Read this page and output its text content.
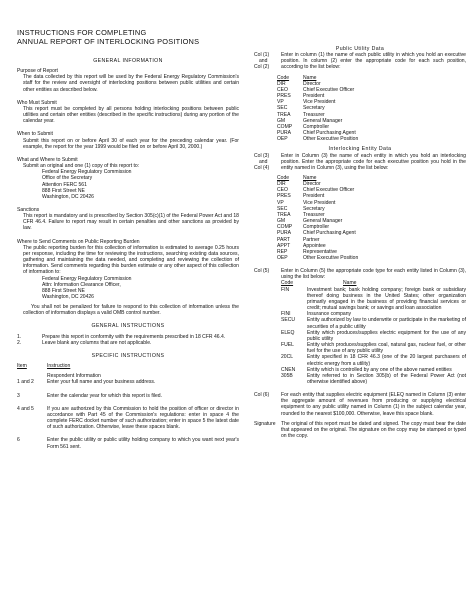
INSTRUCTIONS FOR COMPLETING
ANNUAL REPORT OF INTERLOCKING POSITIONS
GENERAL INFORMATION
Purpose of Report
The data collected by this report will be used by the Federal Energy Regulatory Commission's staff for the review and oversight of interlocking positions between public utilities and certain other entities as described below.
Who Must Submit
This report must be completed by all persons holding interlocking positions between public utilities and certain other entities (described in the specific instructions) during any portion of the calendar year.
When to Submit
Submit this report on or before April 30 of each year for the preceding calendar year. (For example, the report for the year 1999 would be filed on or before April 30, 2000.)
What and Where to Submit
Submit an original and one (1) copy of this report to:
Federal Energy Regulatory Commission
Office of the Secretary
Attention FERC 561
888 First Street NE
Washington, DC 20426
Sanctions
This report is mandatory and is prescribed by Section 305(c)(1) of the Federal Power Act and 18 CFR 46.4. Failure to report may result in certain penalties and other sanctions as provided by law.
Where to Send Comments on Public Reporting Burden
The public reporting burden for this collection of information is estimated to average 0.25 hours per response, including the time for reviewing the instructions, searching existing data sources, gathering and maintaining the data needed, and completing and reviewing the collection of information. Send comments regarding this burden estimate or any other aspect of this collection of information to:
Federal Energy Regulatory Commission
Attn: Information Clearance Officer,
888 First Street NE
Washington, DC 20426
You shall not be penalized for failure to respond to this collection of information unless the collection of information displays a valid OMB control number.
GENERAL INSTRUCTIONS
1.	Prepare this report in conformity with the requirements prescribed in 18 CFR 46.4.
2.	Leave blank any columns that are not applicable.
SPECIFIC INSTRUCTIONS
Item	Instruction
Respondent Information
1 and 2	Enter your full name and your business address.
3	Enter the calendar year for which this report is filed.
4 and 5	If you are authorized by this Commission to hold the position of officer or director in accordance with Part 45 of the Commission's regulations: enter in space 4 the complete FERC docket number of such authorization; enter in space 5 the latest date of such authorization. Otherwise, leave these spaces blank.
6	Enter the public utility or public utility holding company to which you want next year's Form 561 sent.
Public Utility Data
Col (1)
and
Col (2)
Enter in column (1) the name of each public utility in which you hold an executive position. In column (2) enter the appropriate code for each such position, according to the list below:
Code	Name
DIR	Director
CEO	Chief Executive Officer
PRES	President
VP	Vice President
SEC	Secretary
TREA	Treasurer
GM	General Manager
COMP	Comptroller
PURA	Chief Purchasing Agent
OEP	Other Executive Position
Interlocking Entity Data
Col (3)
and
Col (4)
Enter in Column (3) the name of each entity in which you hold an interlocking position. Enter the appropriate code for each executive position you hold in the entity named in Column (3), using the list below:
Code	Name
DIR	Director
CEO	Chief Executive Officer
PRES	President
VP	Vice President
SEC	Secretary
TREA	Treasurer
GM	General Manager
COMP	Comptroller
PURA	Chief Purchasing Agent
PART	Partner
APPT	Appointee
REP	Representative
OEP	Other Executive Position
Col (5)	Enter in Column (5) the appropriate code type for each entity listed in Column (3), using the list below:
Code	Name
FIN	Investment bank; bank holding company; foreign bank or subsidiary thereof doing business in the United States; other organization primarily engaged in the business of providing financial services or credit; mutual savings bank; or savings and loan association
FINI	Insurance company
SECU	Entity authorized by law to underwrite or participate in the marketing of securities of a public utility
ELEQ	Entity which produces/supplies electric equipment for the use of any public utility
FUEL	Entity which produces/supplies coal, natural gas, nuclear fuel, or other fuel for the use of any public utility
20CL	Entity specified in 18 CFR 46.3 (one of the 20 largest purchasers of electric energy from a utility)
CNEN	Entity which is controlled by any one of the above named entities
305B	Entity referred to in Section 305(b) of the Federal Power Act (not otherwise identified above)
Col (6)	For each entity that supplies electric equipment (ELEQ named in Column (3) enter the aggregate amount of revenues from producing or supplying electrical equipment to any public utility named in Column (1) in the subject calendar year, rounded to the nearest $100,000. Otherwise, leave this space blank.
Signature	The original of this report must be dated and signed. The copy must bear the date that appeared on the original. The signature on the copy may be stamped or typed on the copy.
